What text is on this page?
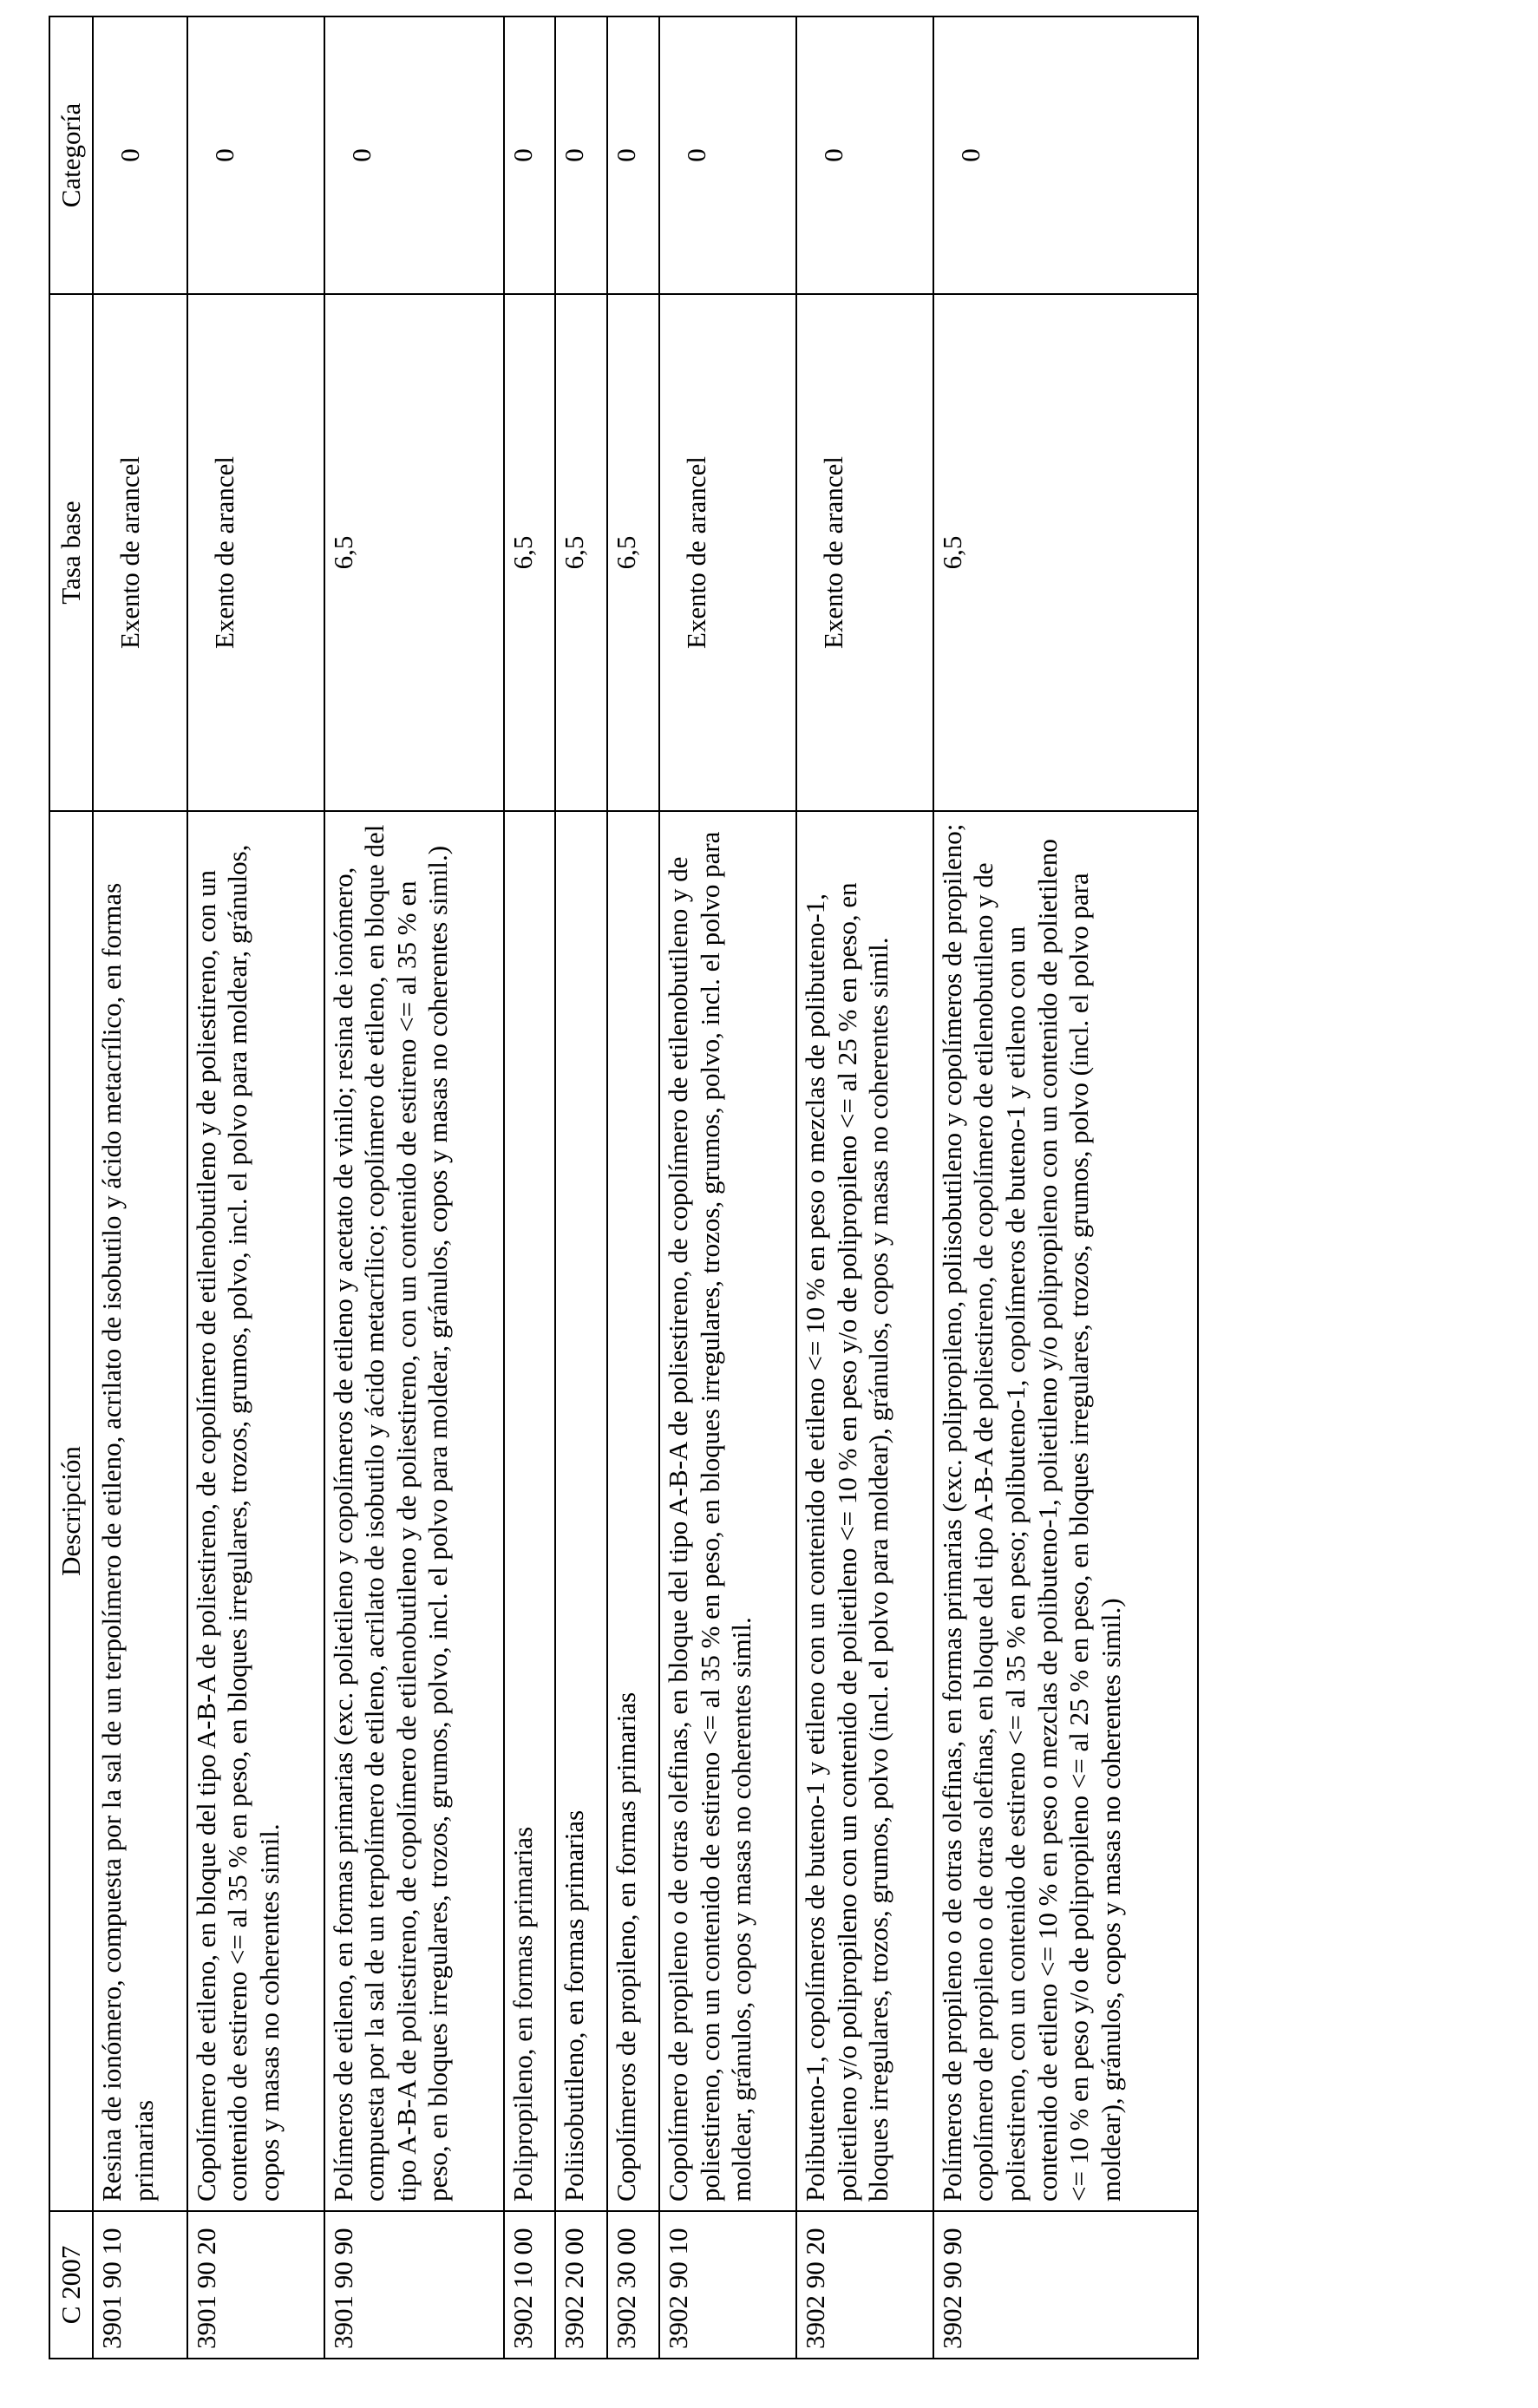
C 2007	Descripción	Tasa base	Categoría
3901 90 10	Resina de ionómero, compuesta por la sal de un terpolímero de etileno, acrilato de isobutilo y ácido metacrílico, en formas primarias	Exento de arancel	0
3901 90 20	Copolímero de etileno, en bloque del tipo A-B-A de poliestireno, de copolímero de etilenobutileno y de poliestireno, con un contenido de estireno <= al 35 % en peso, en bloques irregulares, trozos, grumos, polvo, incl. el polvo para moldear, gránulos, copos y masas no coherentes simil.	Exento de arancel	0
3901 90 90	Polímeros de etileno, en formas primarias (exc. polietileno y copolímeros de etileno y acetato de vinilo; resina de ionómero, compuesta por la sal de un terpolímero de etileno, acrilato de isobutilo y ácido metacrílico; copolímero de etileno, en bloque del tipo A-B-A de poliestireno, de copolímero de etilenobutileno y de poliestireno, con un contenido de estireno <= al 35 % en peso, en bloques irregulares, trozos, grumos, polvo, incl. el polvo para moldear, gránulos, copos y masas no coherentes simil.)	6,5	0
3902 10 00	Polipropileno, en formas primarias	6,5	0
3902 20 00	Poliisobutileno, en formas primarias	6,5	0
3902 30 00	Copolímeros de propileno, en formas primarias	6,5	0
3902 90 10	Copolímero de propileno o de otras olefinas, en bloque del tipo A-B-A de poliestireno, de copolímero de etilenobutileno y de poliestireno, con un contenido de estireno <= al 35 % en peso, en bloques irregulares, trozos, grumos, polvo, incl. el polvo para moldear, gránulos, copos y masas no coherentes simil.	Exento de arancel	0
3902 90 20	Polibuteno-1, copolímeros de buteno-1 y etileno con un contenido de etileno <= 10 % en peso o mezclas de polibuteno-1, polietileno y/o polipropileno con un contenido de polietileno <= 10 % en peso y/o de polipropileno <= al 25 % en peso, en bloques irregulares, trozos, grumos, polvo (incl. el polvo para moldear), gránulos, copos y masas no coherentes simil.	Exento de arancel	0
3902 90 90	Polímeros de propileno o de otras olefinas, en formas primarias (exc. polipropileno, poliisobutileno y copolímeros de propileno; copolímero de propileno o de otras olefinas, en bloque del tipo A-B-A de poliestireno, de copolímero de etilenobutileno y de poliestireno, con un contenido de estireno <= al 35 % en peso; polibuteno-1, copolímeros de buteno-1 y etileno con un contenido de etileno <= 10 % en peso o mezclas de polibuteno-1, polietileno y/o polipropileno con un contenido de polietileno <= 10 % en peso y/o de polipropileno <= al 25 % en peso, en bloques irregulares, trozos, grumos, polvo (incl. el polvo para moldear), gránulos, copos y masas no coherentes simil.)	6,5	0
